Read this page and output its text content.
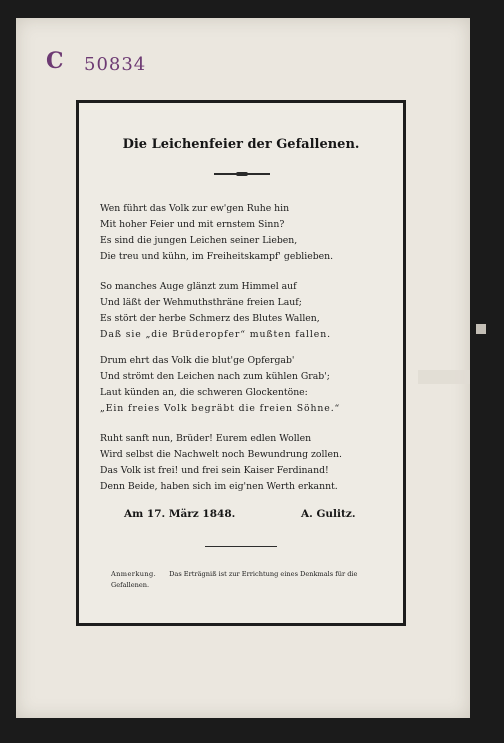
C 50834
Die Leichenfeier der Gefallenen.
Wen führt das Volk zur ew'gen Ruhe hin
Mit hoher Feier und mit ernstem Sinn?
Es sind die jungen Leichen seiner Lieben,
Die treu und kühn, im Freiheitskampf' geblieben.
So manches Auge glänzt zum Himmel auf
Und läßt der Wehmuthsthräne freien Lauf;
Es stört der herbe Schmerz des Blutes Wallen,
Daß sie „die Brüderopfer“ mußten fallen.
Drum ehrt das Volk die blut'ge Opfergab'
Und strömt den Leichen nach zum kühlen Grab';
Laut künden an, die schweren Glockentöne:
„Ein freies Volk begräbt die freien Söhne.“
Ruht sanft nun, Brüder! Eurem edlen Wollen
Wird selbst die Nachwelt noch Bewundrung zollen.
Das Volk ist frei! und frei sein Kaiser Ferdinand!
Denn Beide, haben sich im eig'nen Werth erkannt.
Am 17. März 1848.	A. Gulitz.
Anmerkung. Das Erträgniß ist zur Errichtung eines Denkmals für die Gefallenen.
